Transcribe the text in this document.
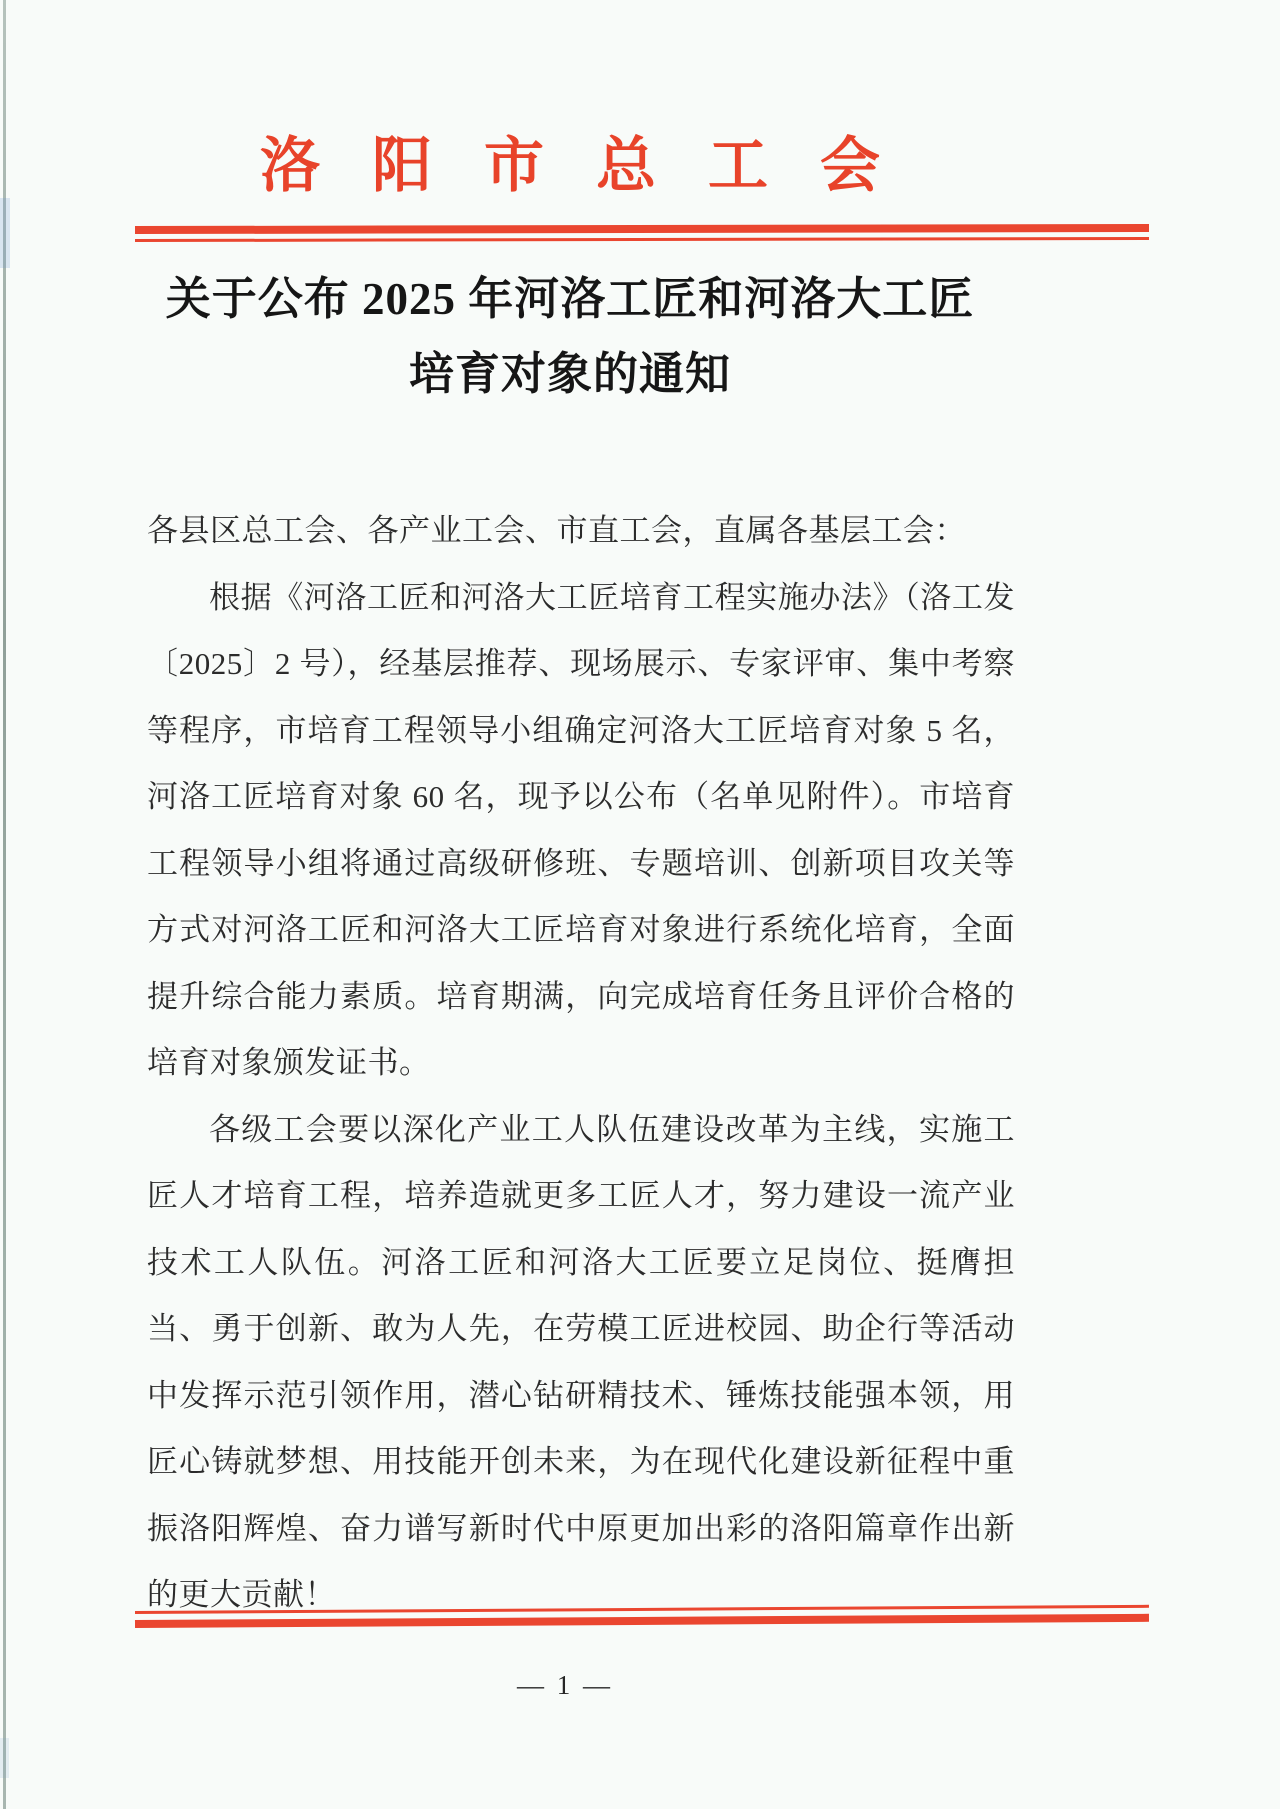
洛阳市总工会
关于公布 2025 年河洛工匠和河洛大工匠
培育对象的通知

各县区总工会、各产业工会、市直工会，直属各基层工会：

根据《河洛工匠和河洛大工匠培育工程实施办法》（洛工发〔2025〕2 号），经基层推荐、现场展示、专家评审、集中考察等程序，市培育工程领导小组确定河洛大工匠培育对象 5 名，河洛工匠培育对象 60 名，现予以公布（名单见附件）。市培育工程领导小组将通过高级研修班、专题培训、创新项目攻关等方式对河洛工匠和河洛大工匠培育对象进行系统化培育，全面提升综合能力素质。培育期满，向完成培育任务且评价合格的培育对象颁发证书。

各级工会要以深化产业工人队伍建设改革为主线，实施工匠人才培育工程，培养造就更多工匠人才，努力建设一流产业技术工人队伍。河洛工匠和河洛大工匠要立足岗位、挺膺担当、勇于创新、敢为人先，在劳模工匠进校园、助企行等活动中发挥示范引领作用，潜心钻研精技术、锤炼技能强本领，用匠心铸就梦想、用技能开创未来，为在现代化建设新征程中重振洛阳辉煌、奋力谱写新时代中原更加出彩的洛阳篇章作出新的更大贡献！

— 1 —
